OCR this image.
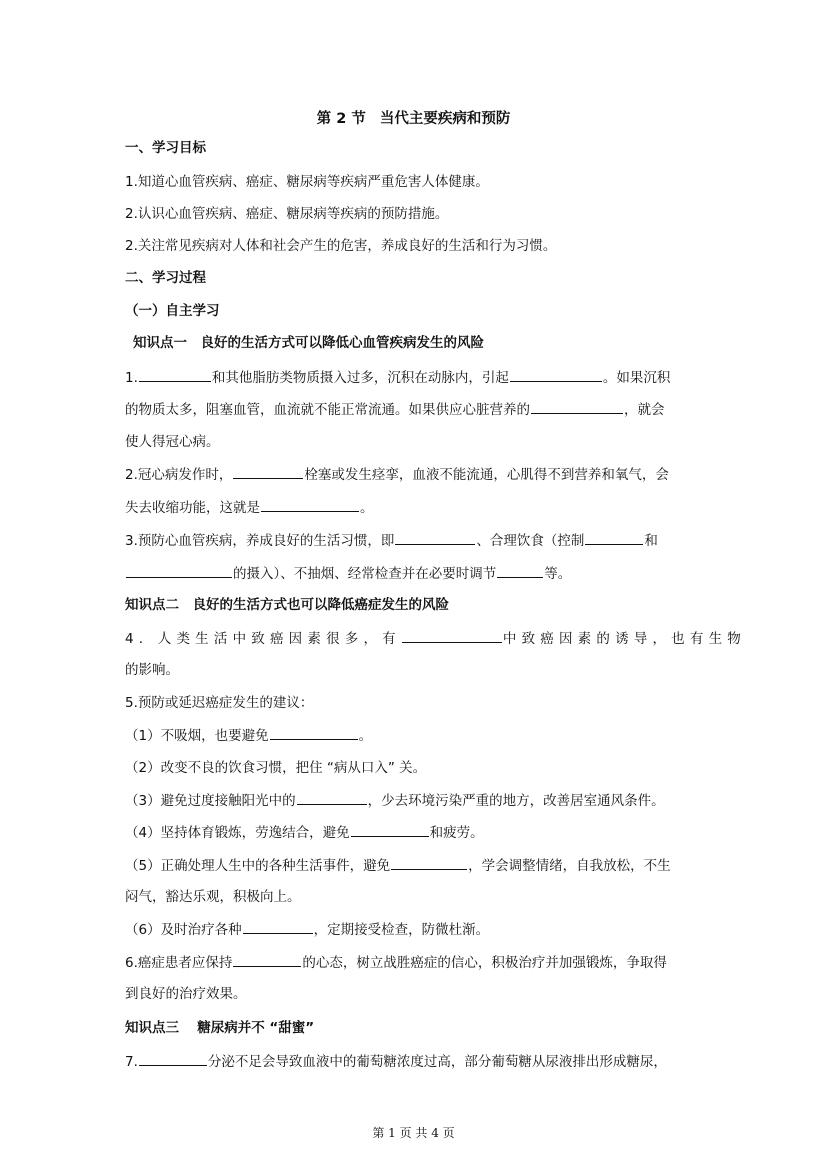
第 2 节 当代主要疾病和预防
一、学习目标
1.知道心血管疾病、癌症、糖尿病等疾病严重危害人体健康。
2.认识心血管疾病、癌症、糖尿病等疾病的预防措施。
2.关注常见疾病对人体和社会产生的危害，养成良好的生活和行为习惯。
二、学习过程
（一）自主学习
知识点一　良好的生活方式可以降低心血管疾病发生的风险
1.	和其他脂肪类物质摄入过多，沉积在动脉内，引起	。如果沉积
的物质太多，阻塞血管，血流就不能正常流通。如果供应心脏营养的	，就会
使人得冠心病。
2.冠心病发作时，	栓塞或发生痉挛，血液不能流通，心肌得不到营养和氧气，会
失去收缩功能，这就是	。
3.预防心血管疾病，养成良好的生活习惯，即	、合理饮食（控制	和
的摄入）、不抽烟、经常检查并在必要时调节	等。
知识点二　良好的生活方式也可以降低癌症发生的风险
4. 人类生活中致癌因素很多，有	中致癌因素的诱导，也有生物
的影响。
5.预防或延迟癌症发生的建议：
（1）不吸烟，也要避免	。
（2）改变不良的饮食习惯，把住 “病从口入” 关。
（3）避免过度接触阳光中的	，少去环境污染严重的地方，改善居室通风条件。
（4）坚持体育锻炼，劳逸结合，避免	和疲劳。
（5）正确处理人生中的各种生活事件，避免	，学会调整情绪，自我放松，不生
闷气，豁达乐观，积极向上。
（6）及时治疗各种	，定期接受检查，防微杜渐。
6.癌症患者应保持	的心态，树立战胜癌症的信心，积极治疗并加强锻炼，争取得
到良好的治疗效果。
知识点三　 糖尿病并不 “甜蜜”
7.	分泌不足会导致血液中的葡萄糖浓度过高，部分葡萄糖从尿液排出形成糖尿，
第 1 页 共 4 页
